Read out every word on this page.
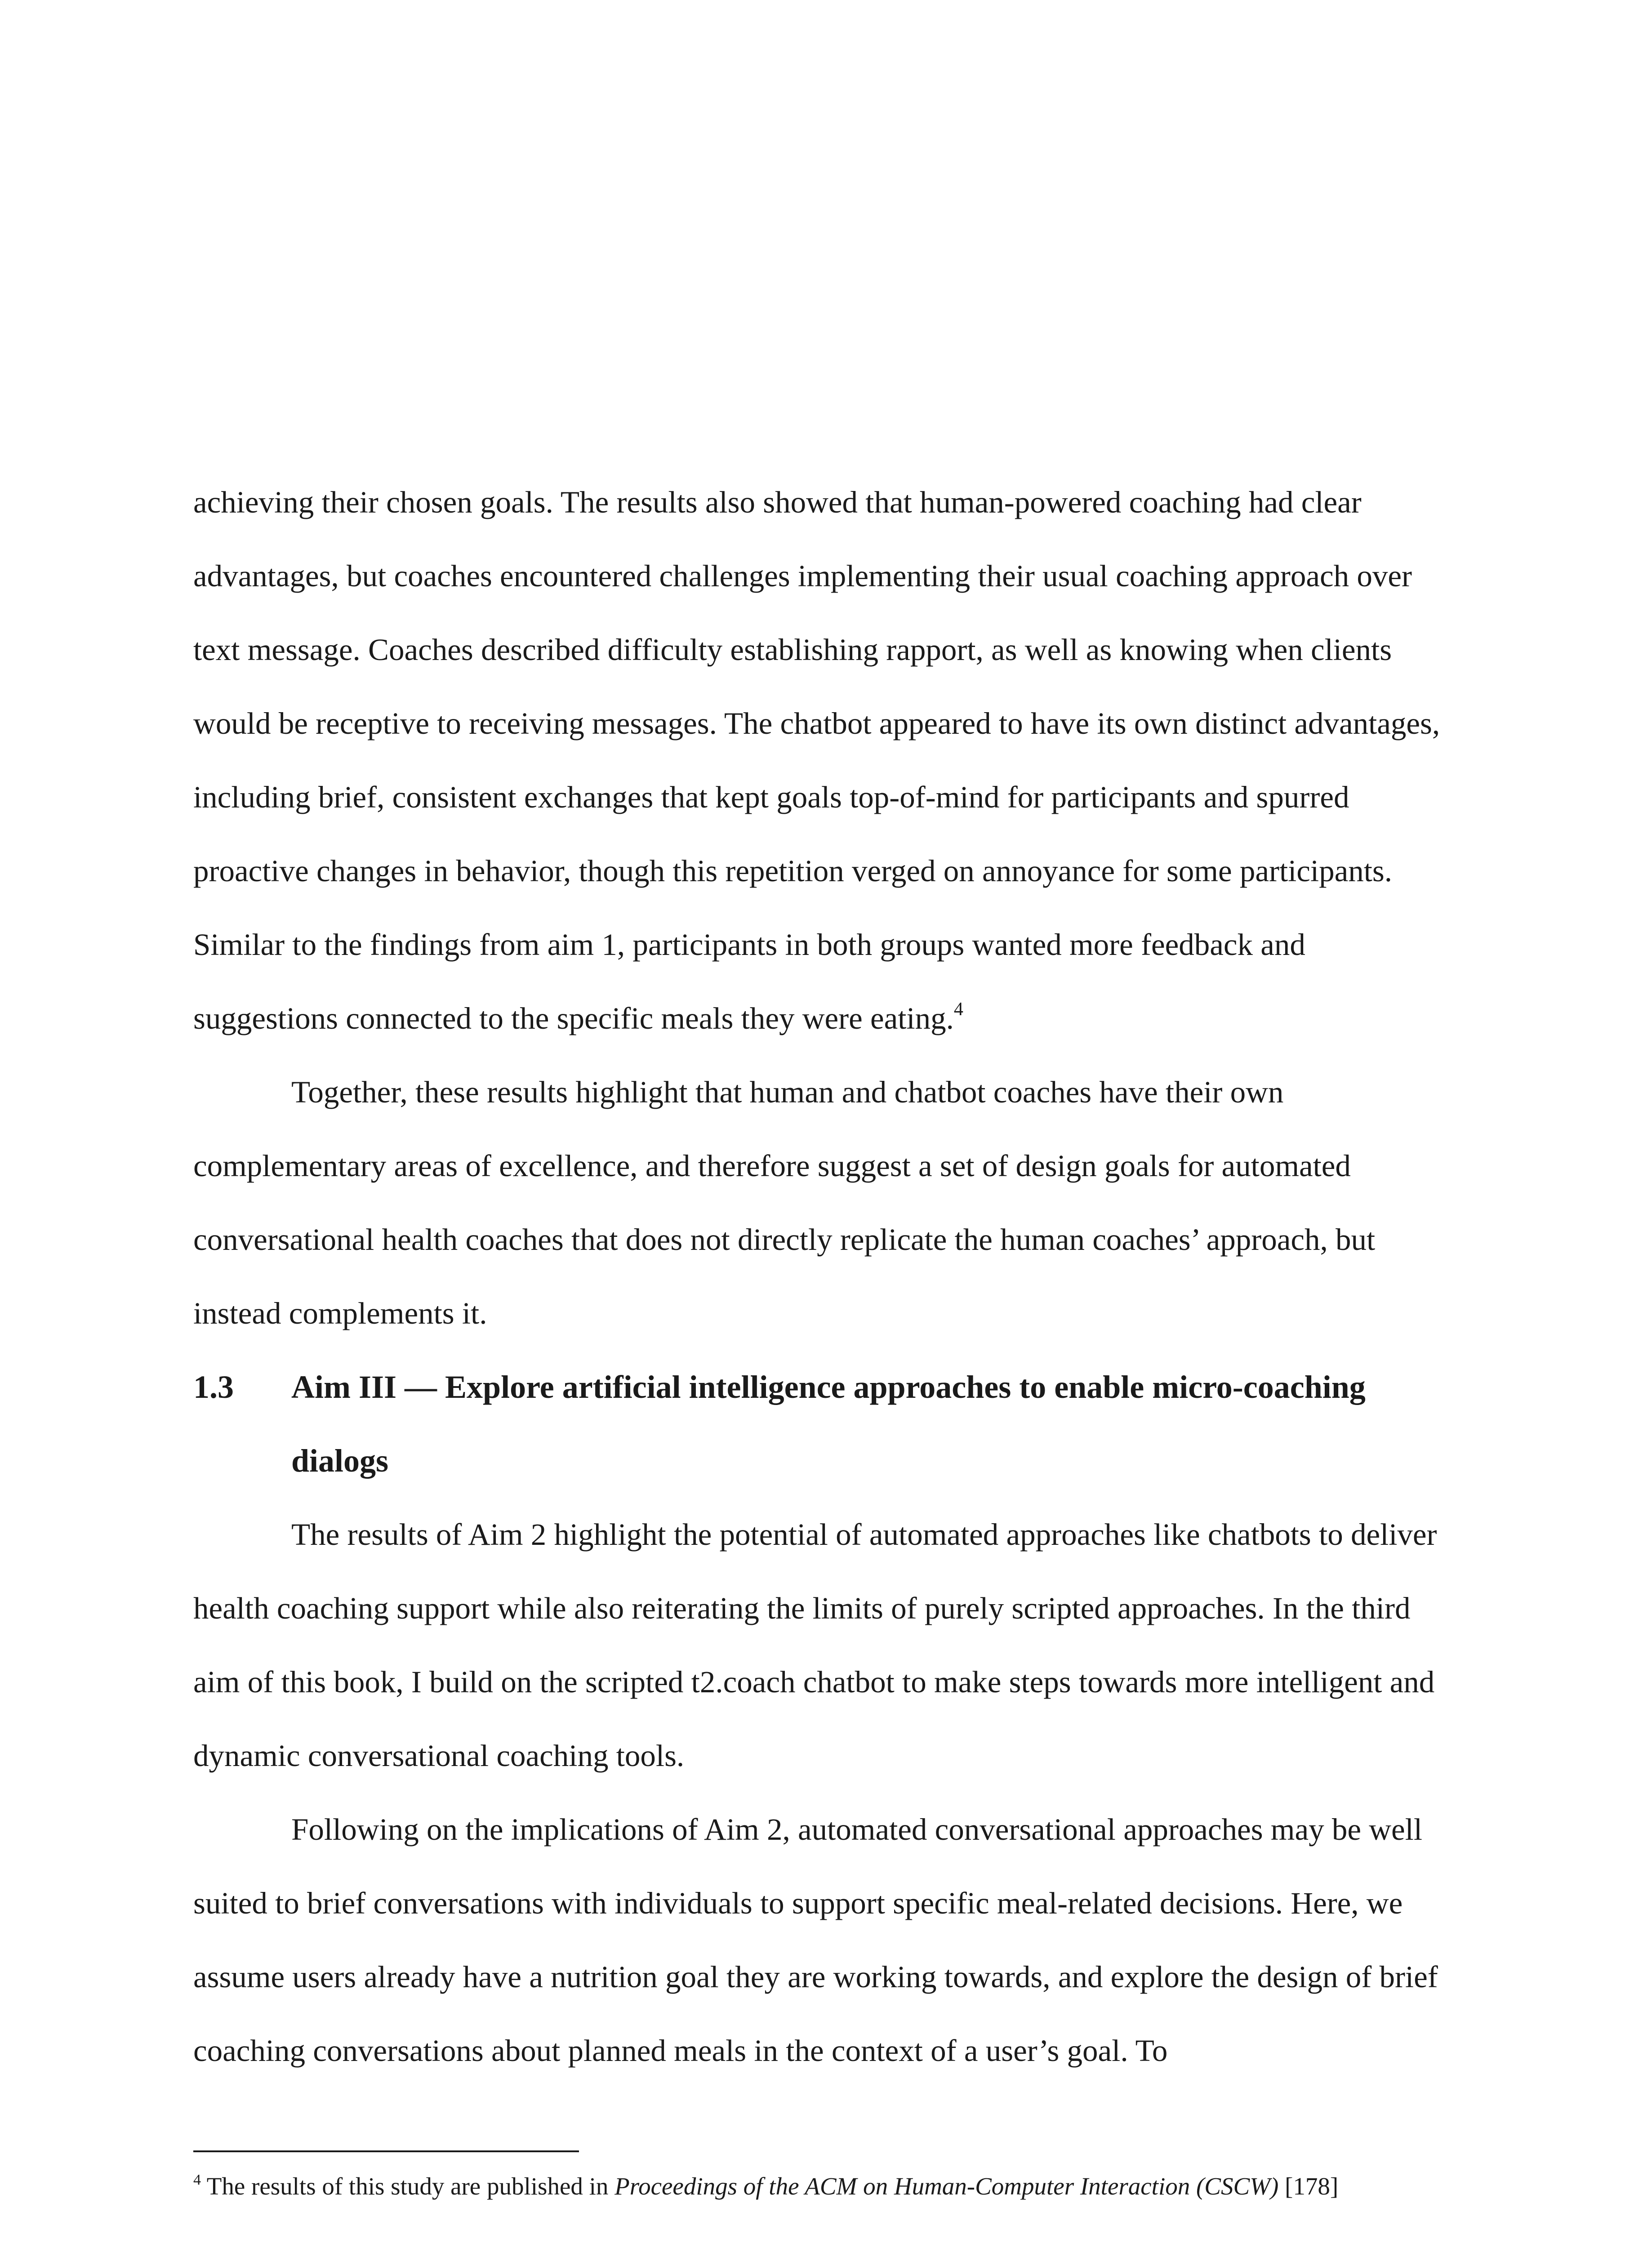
achieving their chosen goals. The results also showed that human-powered coaching had clear advantages, but coaches encountered challenges implementing their usual coaching approach over text message. Coaches described difficulty establishing rapport, as well as knowing when clients would be receptive to receiving messages. The chatbot appeared to have its own distinct advantages, including brief, consistent exchanges that kept goals top-of-mind for participants and spurred proactive changes in behavior, though this repetition verged on annoyance for some participants. Similar to the findings from aim 1, participants in both groups wanted more feedback and suggestions connected to the specific meals they were eating.$^4$

Together, these results highlight that human and chatbot coaches have their own complementary areas of excellence, and therefore suggest a set of design goals for automated conversational health coaches that does not directly replicate the human coaches’ approach, but instead complements it.

1.3 Aim III — Explore artificial intelligence approaches to enable micro-coaching dialogs

The results of Aim 2 highlight the potential of automated approaches like chatbots to deliver health coaching support while also reiterating the limits of purely scripted approaches. In the third aim of this book, I build on the scripted t2.coach chatbot to make steps towards more intelligent and dynamic conversational coaching tools.

Following on the implications of Aim 2, automated conversational approaches may be well suited to brief conversations with individuals to support specific meal-related decisions. Here, we assume users already have a nutrition goal they are working towards, and explore the design of brief coaching conversations about planned meals in the context of a user’s goal. To

$^4$ The results of this study are published in Proceedings of the ACM on Human-Computer Interaction (CSCW) [178]
